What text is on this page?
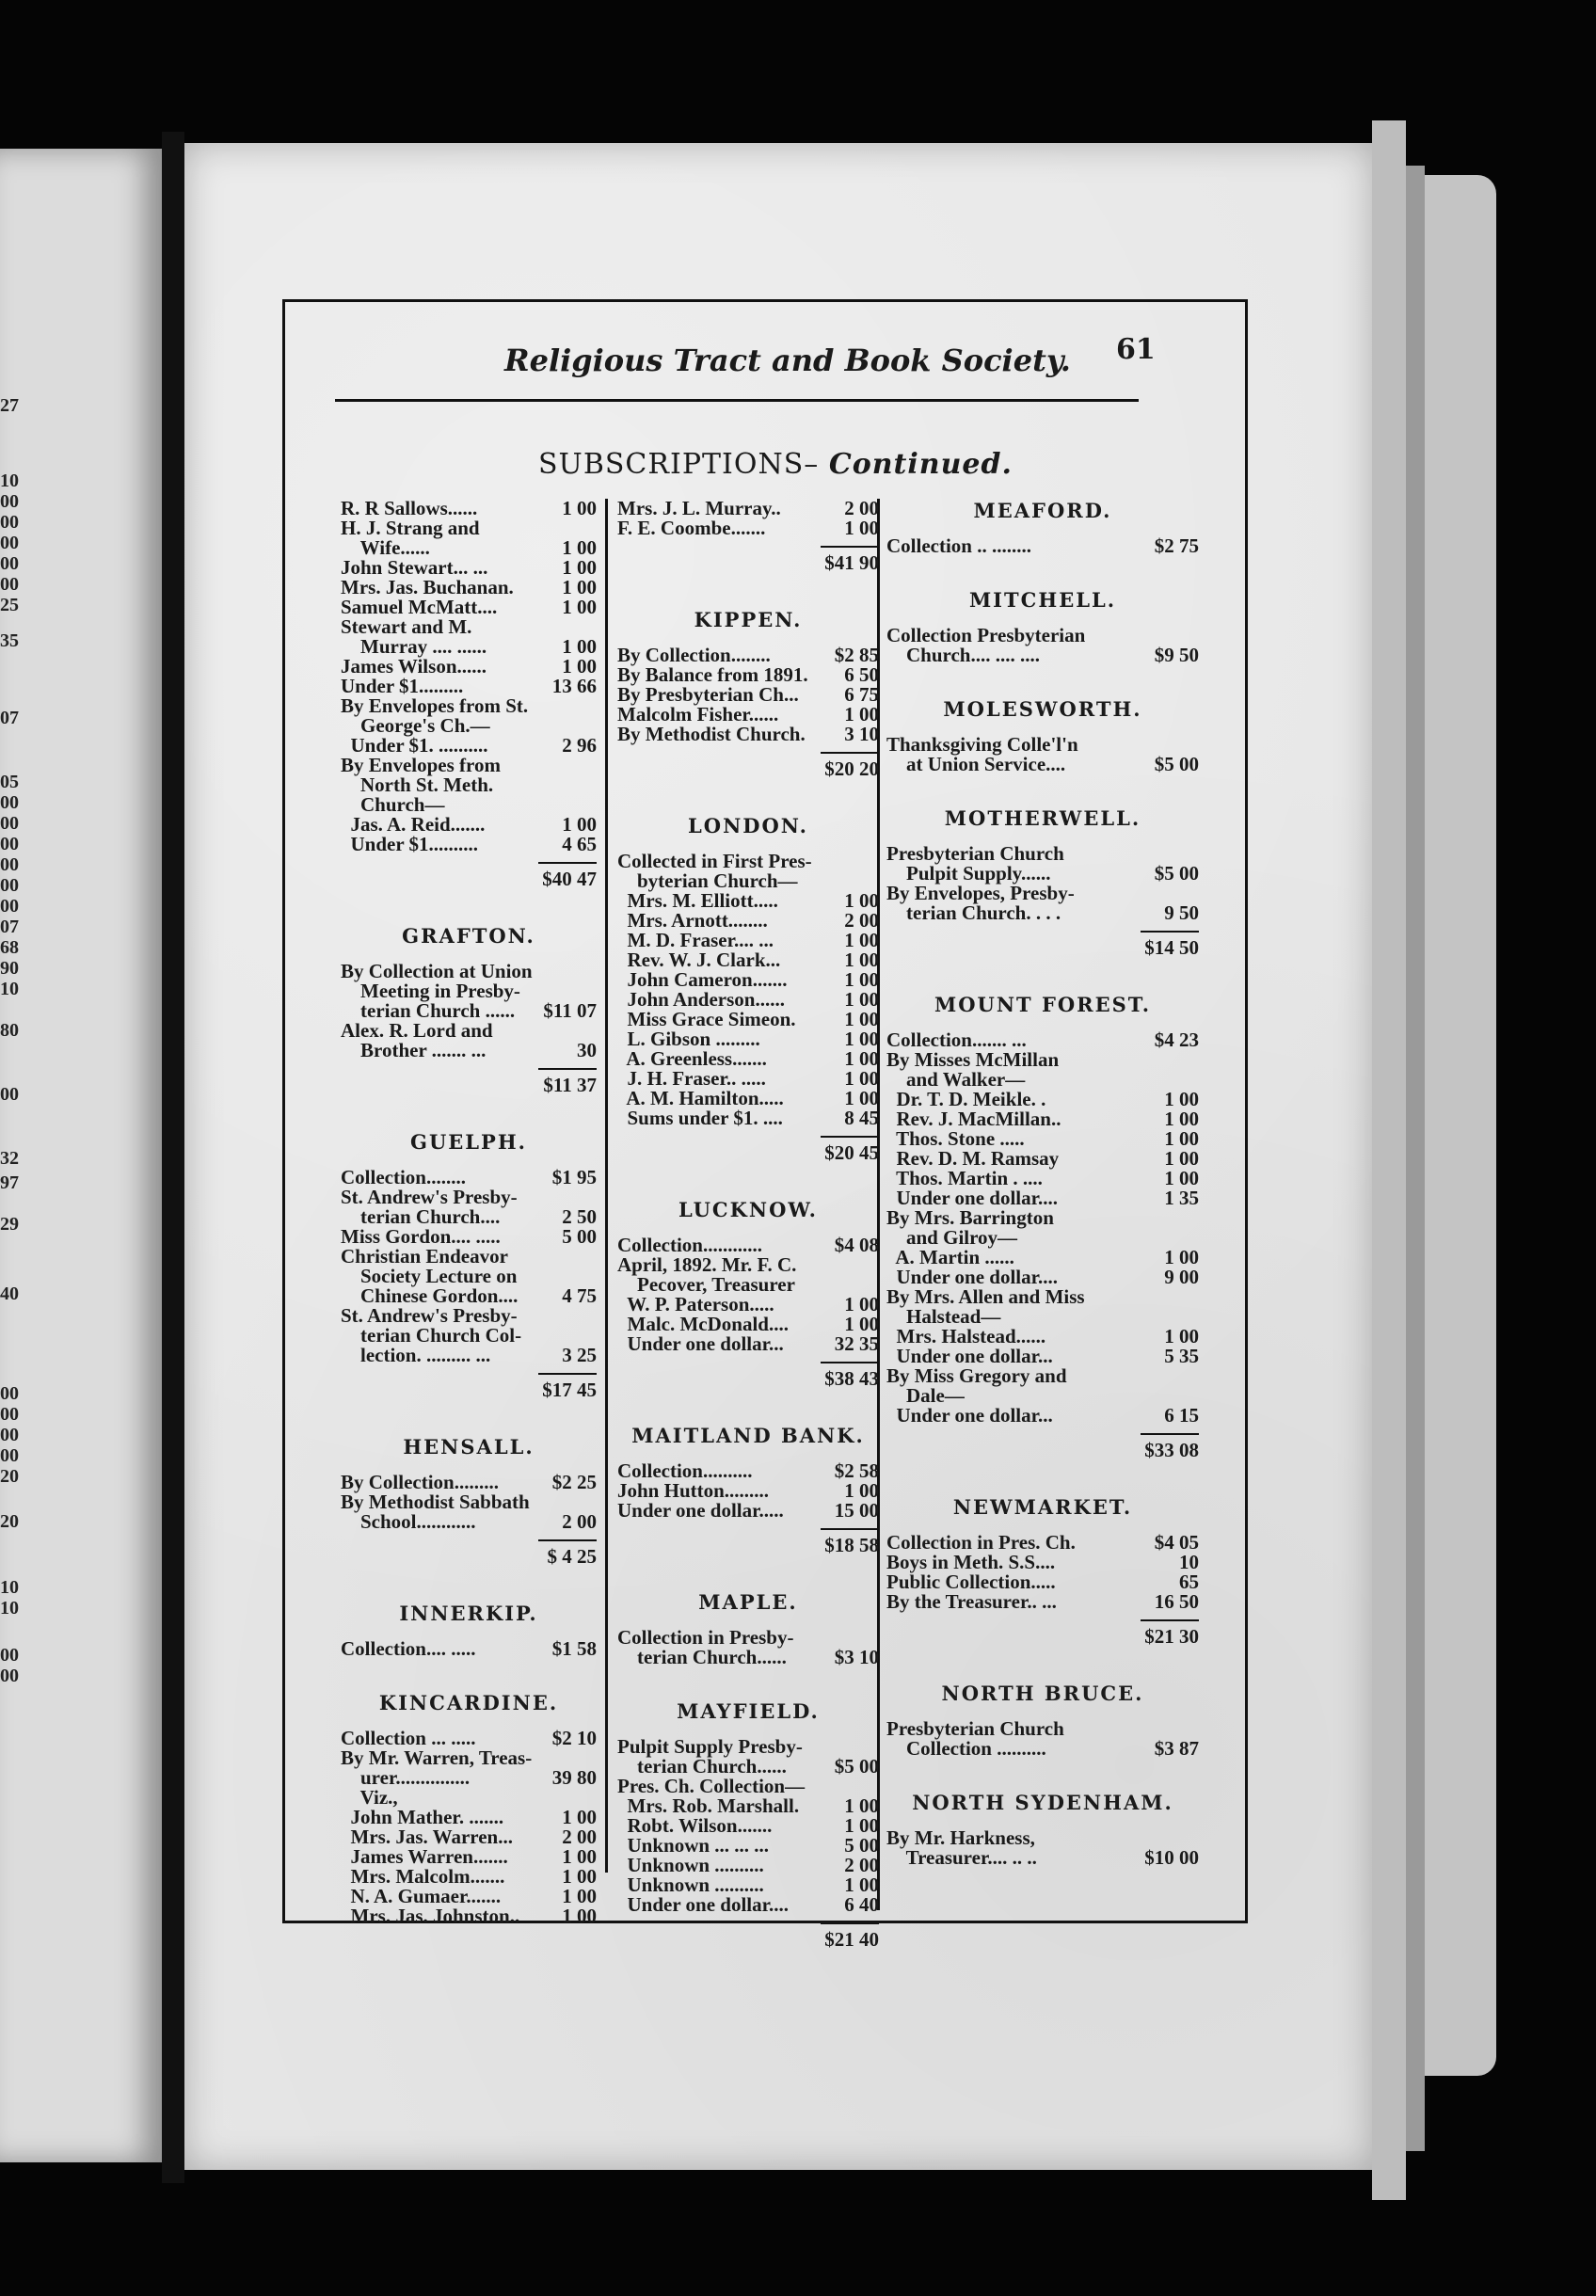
27
10
00
00
00
00
00
25
35
07
05
00
00
00
00
00
00
07
68
90
10
80
00
32
97
29
40
00
00
00
00
20
20
10
10
00
00
Religious Tract and Book Society. 61
SUBSCRIPTIONS– Continued.
R. R Sallows......	1 00
H. J. Strang and
Wife......	1 00
John Stewart... ...	1 00
Mrs. Jas. Buchanan. 1 00
Samuel McMatt....	1 00
Stewart and M.
Murray .... ......	1 00
James Wilson......	1 00
Under $1.........	13 66
By Envelopes from St.
George's Ch.—
Under $1. ..........	2 96
By Envelopes from
North St. Meth.
Church—
Jas. A. Reid.......	1 00
Under $1..........	4 65
$40 47
GRAFTON.
By Collection at Union
Meeting in Presby-
terian Church ...... $11 07
Alex. R. Lord and
Brother ....... ...	30
$11 37
GUELPH.
Collection........	$1 95
St. Andrew's Presby-
terian Church....	2 50
Miss Gordon.... .....	5 00
Christian Endeavor
Society Lecture on
Chinese Gordon.... 4 75
St. Andrew's Presby-
terian Church Col-
lection. ......... ...	3 25
$17 45
HENSALL.
By Collection.........	$2 25
By Methodist Sabbath
School............	2 00
$ 4 25
INNERKIP.
Collection.... .....	$1 58
KINCARDINE.
Collection ... .....	$2 10
By Mr. Warren, Treas-
urer...............	39 80
Viz.,
John Mather. .......	1 00
Mrs. Jas. Warren... 2 00
James Warren.......	1 00
Mrs. Malcolm.......	1 00
N. A. Gumaer.......	1 00
Mrs. Jas. Johnston.. 1 00
Mrs. J. L. Murray..	2 00
F. E. Coombe.......	1 00
$41 90
KIPPEN.
By Collection........	$2 85
By Balance from 1891. 6 50
By Presbyterian Ch... 6 75
Malcolm Fisher......	1 00
By Methodist Church. 3 10
$20 20
LONDON.
Collected in First Pres-
byterian Church—
Mrs. M. Elliott.....	1 00
Mrs. Arnott........	2 00
M. D. Fraser.... ...	1 00
Rev. W. J. Clark...	1 00
John Cameron.......	1 00
John Anderson......	1 00
Miss Grace Simeon. 1 00
L. Gibson .........	1 00
A. Greenless.......	1 00
J. H. Fraser.. .....	1 00
A. M. Hamilton.....	1 00
Sums under $1. ....	8 45
$20 45
LUCKNOW.
Collection............	$4 08
April, 1892. Mr. F. C.
Pecover, Treasurer
W. P. Paterson.....	1 00
Malc. McDonald....	1 00
Under one dollar...	32 35
$38 43
MAITLAND BANK.
Collection..........	$2 58
John Hutton.........	1 00
Under one dollar.....	15 00
$18 58
MAPLE.
Collection in Presby-
terian Church...... $3 10
MAYFIELD.
Pulpit Supply Presby-
terian Church...... $5 00
Pres. Ch. Collection—
Mrs. Rob. Marshall. 1 00
Robt. Wilson.......	1 00
Unknown ... ... ...	5 00
Unknown ..........	2 00
Unknown ..........	1 00
Under one dollar....	6 40
$21 40
MEAFORD.
Collection .. ........	$2 75
MITCHELL.
Collection Presbyterian
Church.... .... ....	$9 50
MOLESWORTH.
Thanksgiving Colle'l'n
at Union Service....	$5 00
MOTHERWELL.
Presbyterian Church
Pulpit Supply......	$5 00
By Envelopes, Presby-
terian Church. . . .	9 50
$14 50
MOUNT FOREST.
Collection....... ...	$4 23
By Misses McMillan
and Walker—
Dr. T. D. Meikle. .	1 00
Rev. J. MacMillan..	1 00
Thos. Stone .....	1 00
Rev. D. M. Ramsay	1 00
Thos. Martin . ....	1 00
Under one dollar....	1 35
By Mrs. Barrington
and Gilroy—
A. Martin ......	1 00
Under one dollar....	9 00
By Mrs. Allen and Miss
Halstead—
Mrs. Halstead......	1 00
Under one dollar...	5 35
By Miss Gregory and
Dale—
Under one dollar...	6 15
$33 08
NEWMARKET.
Collection in Pres. Ch.	$4 05
Boys in Meth. S.S....	10
Public Collection.....	65
By the Treasurer.. ...	16 50
$21 30
NORTH BRUCE.
Presbyterian Church
Collection ..........	$3 87
NORTH SYDENHAM.
By Mr. Harkness,
Treasurer.... .. ..	$10 00
